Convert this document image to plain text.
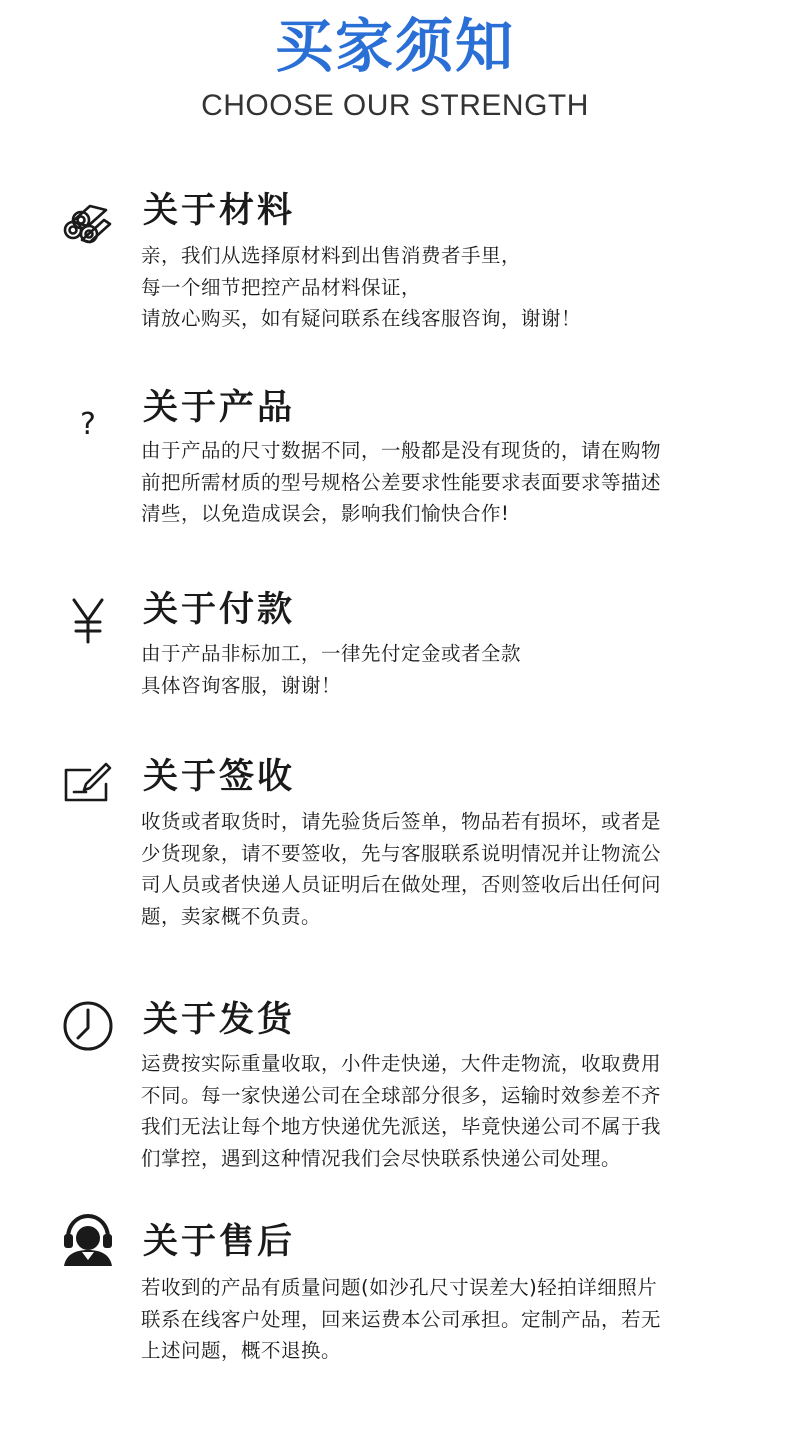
买家须知
CHOOSE OUR STRENGTH
关于材料
亲，我们从选择原材料到出售消费者手里，
每一个细节把控产品材料保证，
请放心购买，如有疑问联系在线客服咨询，谢谢！
? 关于产品
由于产品的尺寸数据不同，一般都是没有现货的，请在购物
前把所需材质的型号规格公差要求性能要求表面要求等描述
清些，以免造成误会，影响我们愉快合作!
关于付款
由于产品非标加工，一律先付定金或者全款
具体咨询客服，谢谢！
关于签收
收货或者取货时，请先验货后签单，物品若有损坏，或者是
少货现象，请不要签收，先与客服联系说明情况并让物流公
司人员或者快递人员证明后在做处理，否则签收后出任何问
题，卖家概不负责。
关于发货
运费按实际重量收取，小件走快递，大件走物流，收取费用
不同。每一家快递公司在全球部分很多，运输时效参差不齐
我们无法让每个地方快递优先派送，毕竟快递公司不属于我
们掌控，遇到这种情况我们会尽快联系快递公司处理。
关于售后
若收到的产品有质量问题(如沙孔尺寸误差大)轻拍详细照片
联系在线客户处理，回来运费本公司承担。定制产品，若无
上述问题，概不退换。
